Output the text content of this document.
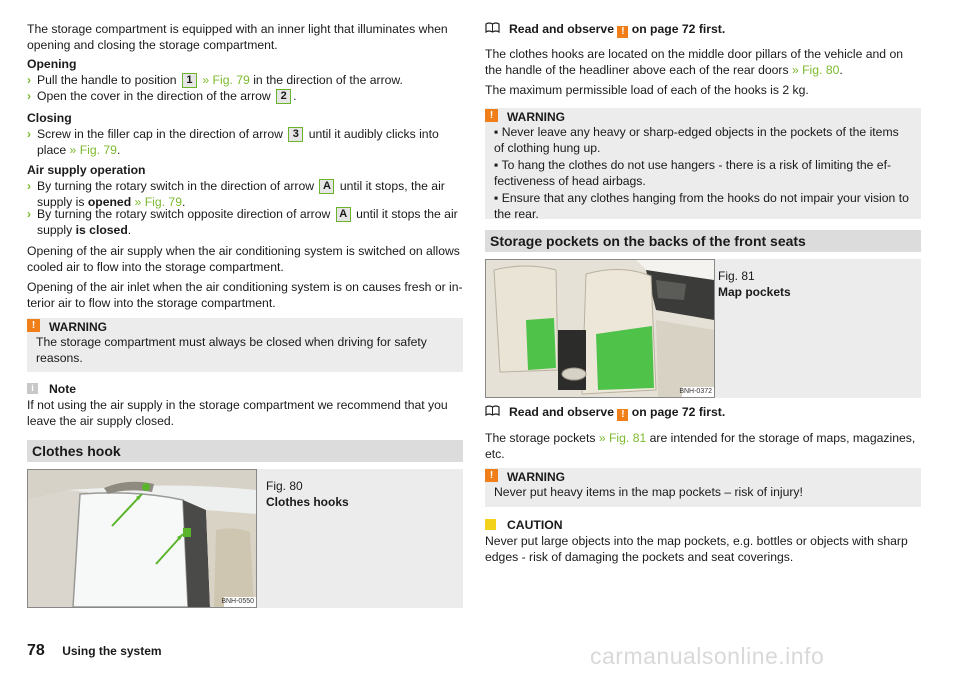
The storage compartment is equipped with an inner light that illuminates when opening and closing the storage compartment.

Opening

› Pull the handle to position 1 » Fig. 79 in the direction of the arrow.
› Open the cover in the direction of the arrow 2 .

Closing

› Screw in the filler cap in the direction of arrow 3 until it audibly clicks into place » Fig. 79.

Air supply operation

› By turning the rotary switch in the direction of arrow A until it stops, the air supply is opened » Fig. 79.
› By turning the rotary switch opposite direction of arrow A until it stops the air supply is closed.

Opening of the air supply when the air conditioning system is switched on allows cooled air to flow into the storage compartment.

Opening of the air inlet when the air conditioning system is on causes fresh or in-terior air to flow into the storage compartment.

!	WARNING

The storage compartment must always be closed when driving for safety reasons.

i	Note

If not using the air supply in the storage compartment we recommend that you leave the air supply closed.

Clothes hook
BNH-0550
Fig. 80
Clothes hooks
Read and observe ! on page 72 first.

The clothes hooks are located on the middle door pillars of the vehicle and on the handle of the headliner above each of the rear doors » Fig. 80.

The maximum permissible load of each of the hooks is 2 kg.

!	WARNING

▪ Never leave any heavy or sharp-edged objects in the pockets of the items of clothing hung up.

▪ To hang the clothes do not use hangers - there is a risk of limiting the ef-fectiveness of head airbags.

▪ Ensure that any clothes hanging from the hooks do not impair your vision to the rear.

Storage pockets on the backs of the front seats
BNH-0372
Fig. 81
Map pockets
Read and observe ! on page 72 first.

The storage pockets » Fig. 81 are intended for the storage of maps, magazines, etc.

!	WARNING

Never put heavy items in the map pockets – risk of injury!

CAUTION

Never put large objects into the map pockets, e.g. bottles or objects with sharp edges - risk of damaging the pockets and seat coverings.

78 Using the system	carmanualsonline.info
